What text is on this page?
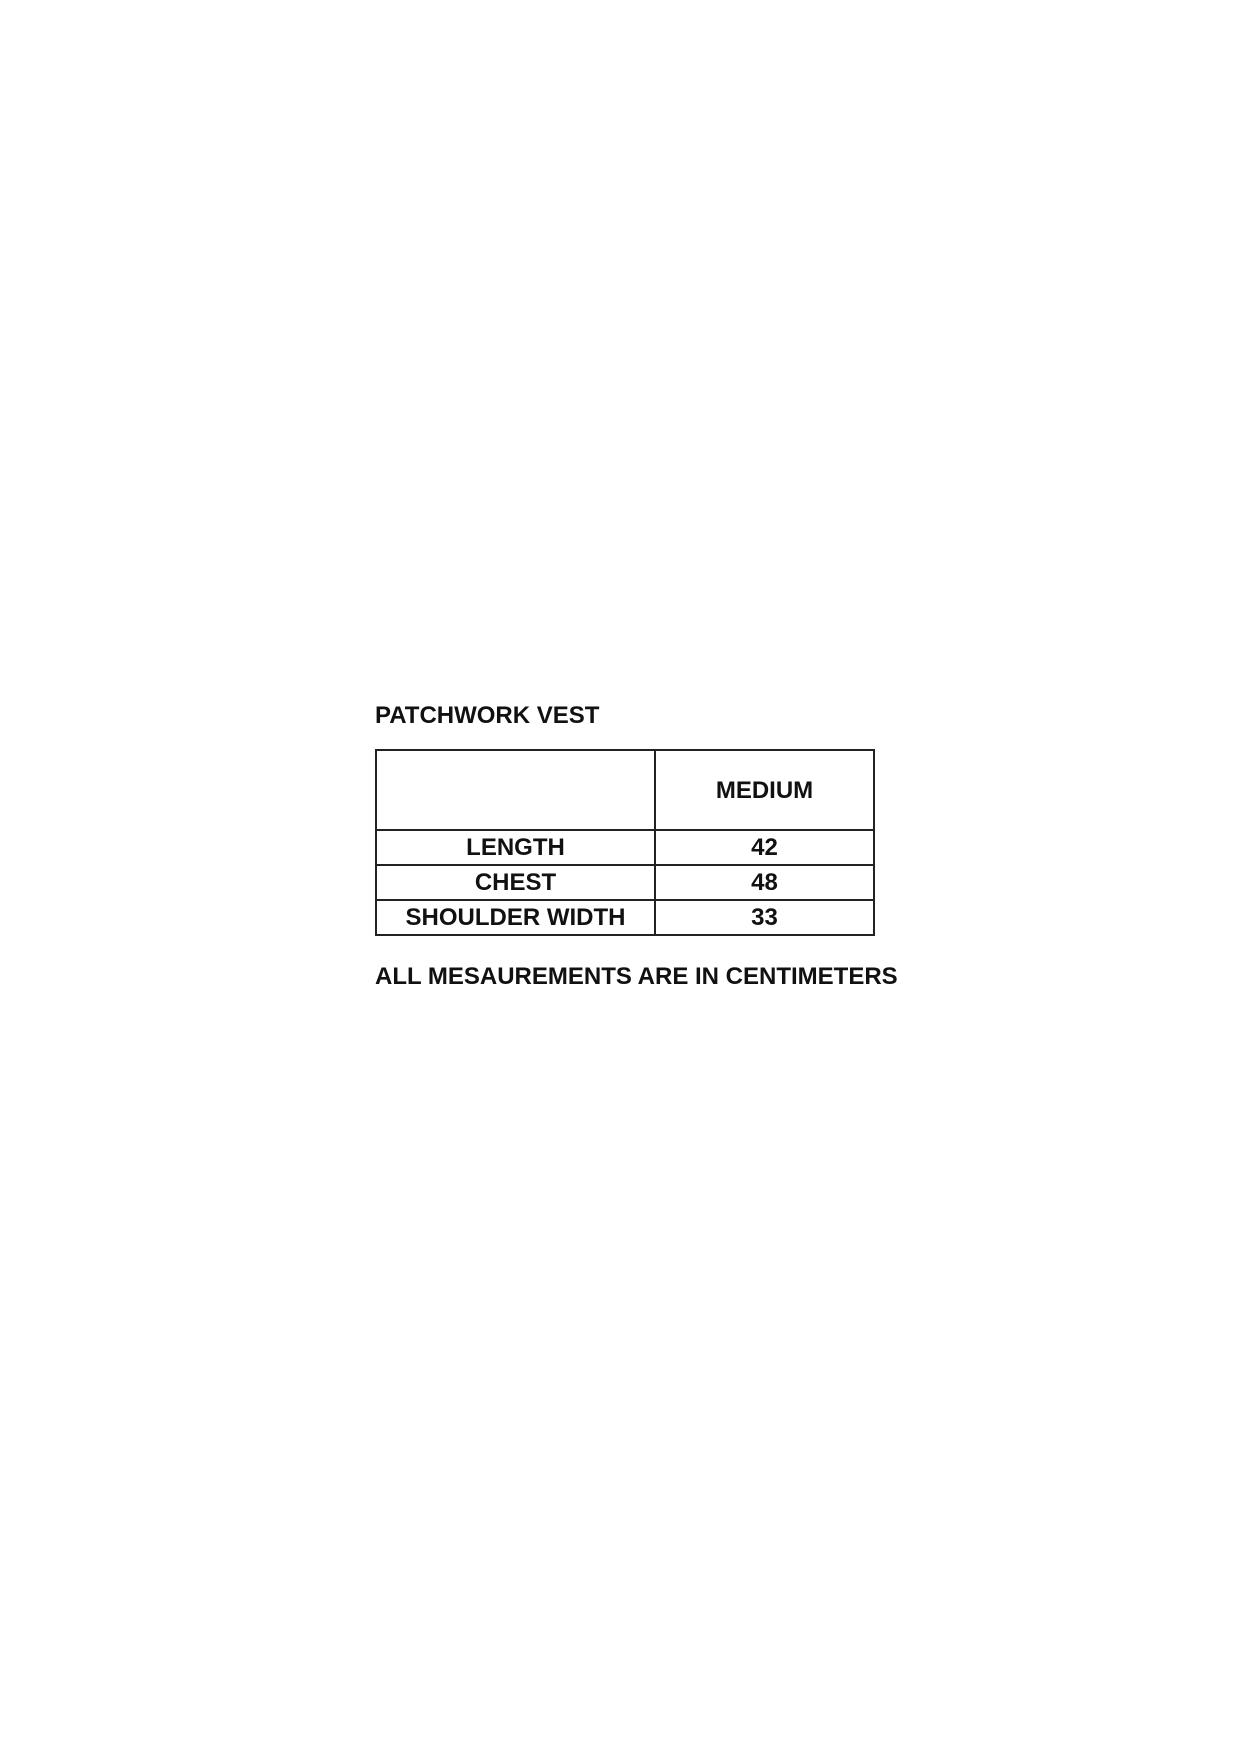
PATCHWORK VEST
	MEDIUM
LENGTH	42
CHEST	48
SHOULDER WIDTH	33
ALL MESAUREMENTS ARE IN CENTIMETERS
